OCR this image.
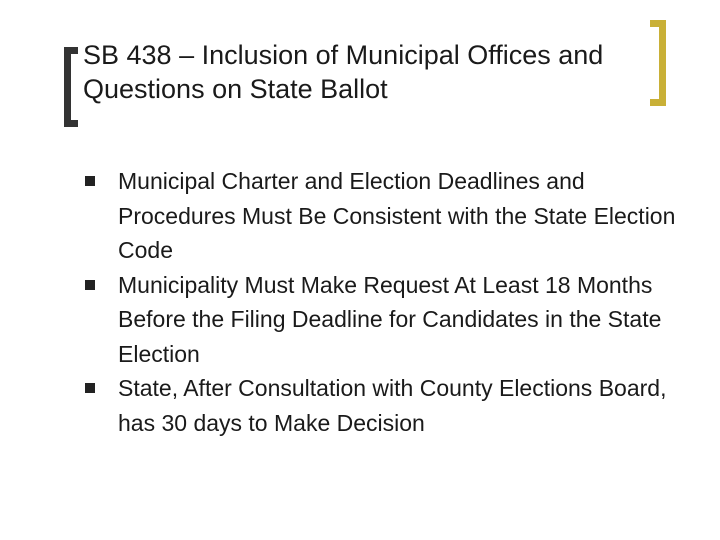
SB 438 – Inclusion of Municipal Offices and Questions on State Ballot
Municipal Charter and Election Deadlines and Procedures Must Be Consistent with the State Election Code
Municipality Must Make Request At Least 18 Months Before the Filing Deadline for Candidates in the State Election
State, After Consultation with County Elections Board, has 30 days to Make Decision
